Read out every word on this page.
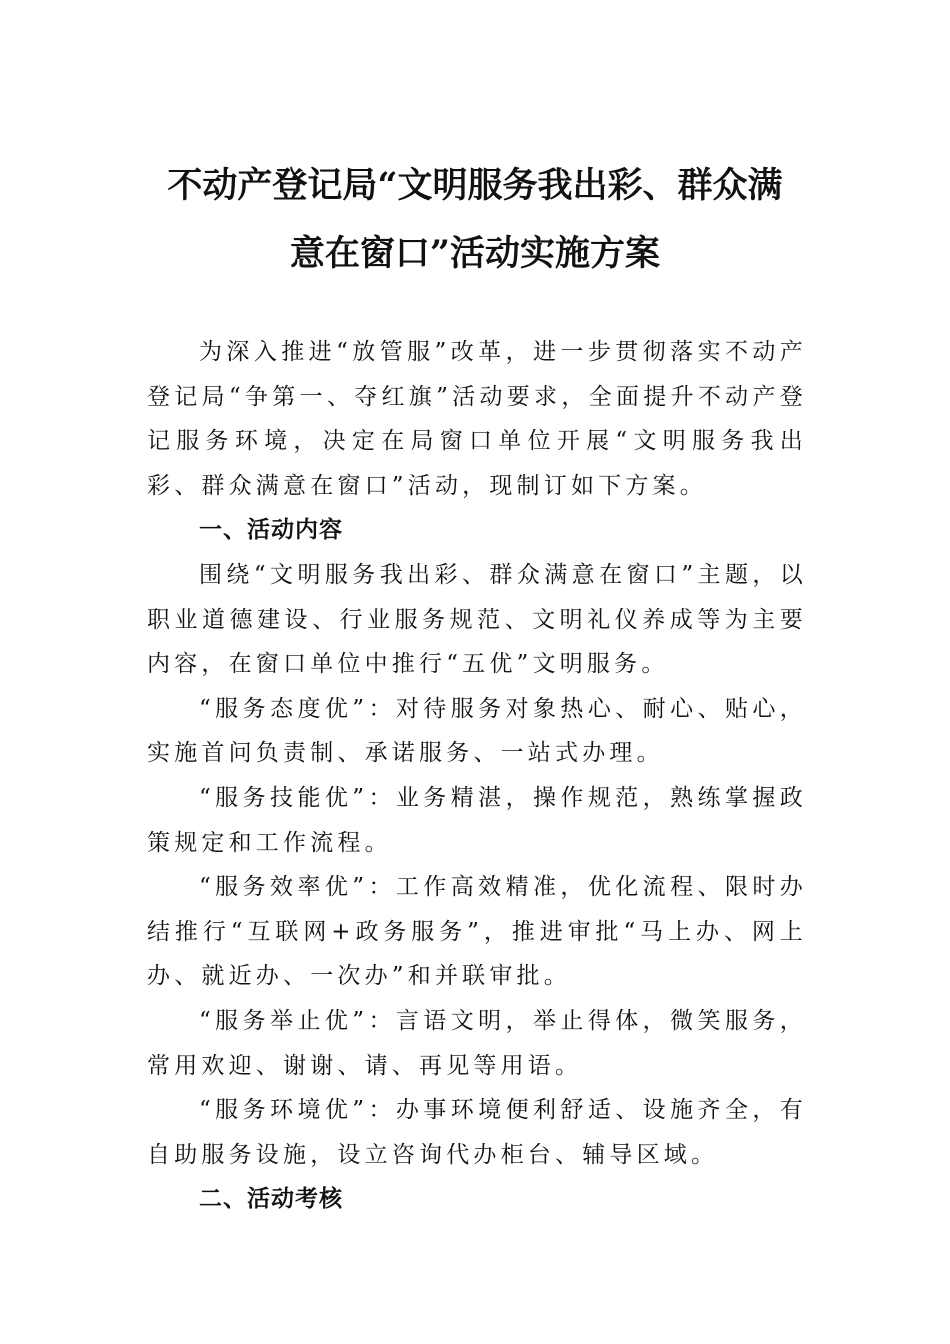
不动产登记局“文明服务我出彩、群众满
意在窗口”活动实施方案

为深入推进“放管服”改革，进一步贯彻落实不动产登记局“争第一、夺红旗”活动要求，全面提升不动产登记服务环境，决定在局窗口单位开展“文明服务我出彩、群众满意在窗口”活动，现制订如下方案。

一、活动内容

围绕“文明服务我出彩、群众满意在窗口”主题，以职业道德建设、行业服务规范、文明礼仪养成等为主要内容，在窗口单位中推行“五优”文明服务。

“服务态度优”：对待服务对象热心、耐心、贴心，实施首问负责制、承诺服务、一站式办理。

“服务技能优”：业务精湛，操作规范，熟练掌握政策规定和工作流程。

“服务效率优”：工作高效精准，优化流程、限时办结推行“互联网+政务服务”，推进审批“马上办、网上办、就近办、一次办”和并联审批。

“服务举止优”：言语文明，举止得体，微笑服务，常用欢迎、谢谢、请、再见等用语。

“服务环境优”：办事环境便利舒适、设施齐全，有自助服务设施，设立咨询代办柜台、辅导区域。

二、活动考核
